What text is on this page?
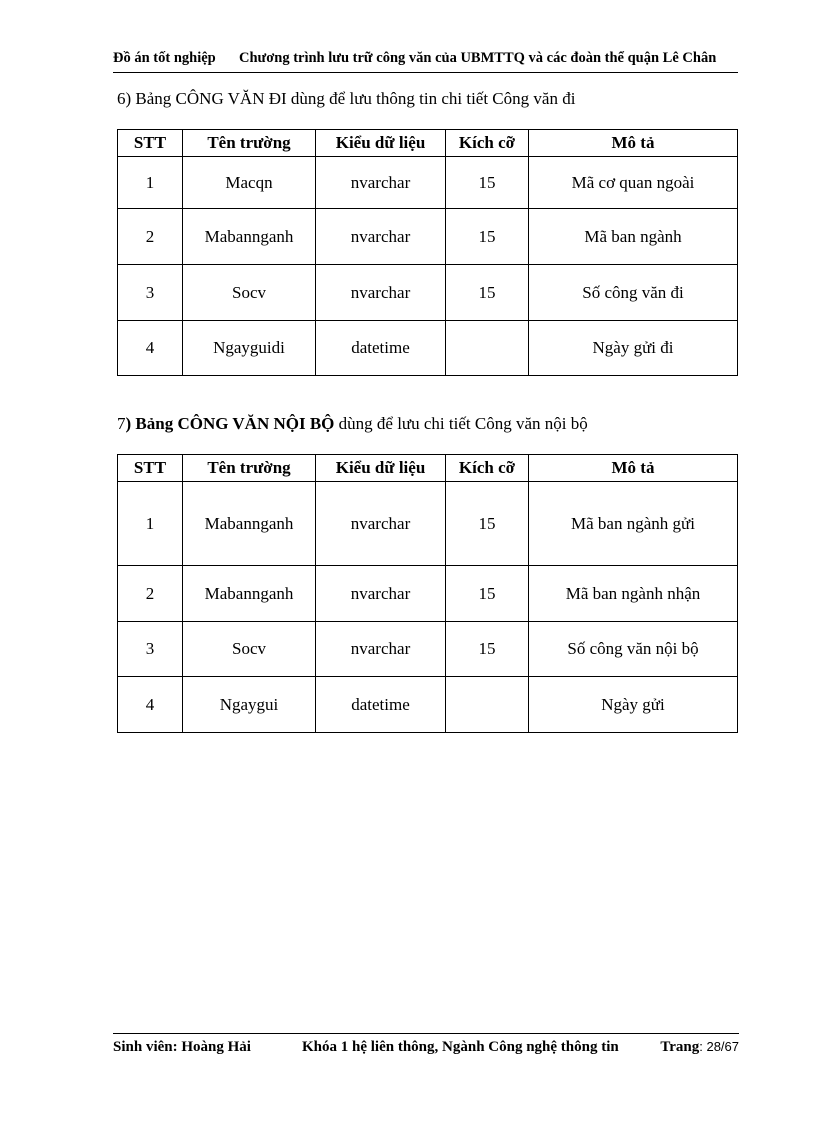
Đồ án tốt nghiệp Chương trình lưu trữ công văn của UBMTTQ và các đoàn thể quận Lê Chân
6) Bảng CÔNG VĂN ĐI dùng để lưu thông tin chi tiết Công văn đi
STT	Tên trường	Kiểu dữ liệu	Kích cỡ	Mô tả
1	Macqn	nvarchar	15	Mã cơ quan ngoài
2	Mabannganh	nvarchar	15	Mã ban ngành
3	Socv	nvarchar	15	Số công văn đi
4	Ngayguidi	datetime		Ngày gửi đi
7) Bảng CÔNG VĂN NỘI BỘ dùng để lưu chi tiết Công văn nội bộ
STT	Tên trường	Kiểu dữ liệu	Kích cỡ	Mô tả
1	Mabannganh	nvarchar	15	Mã ban ngành gửi
2	Mabannganh	nvarchar	15	Mã ban ngành nhận
3	Socv	nvarchar	15	Số công văn nội bộ
4	Ngaygui	datetime		Ngày gửi
Sinh viên: Hoàng Hải	Khóa 1 hệ liên thông, Ngành Công nghệ thông tin	Trang: 28/67
